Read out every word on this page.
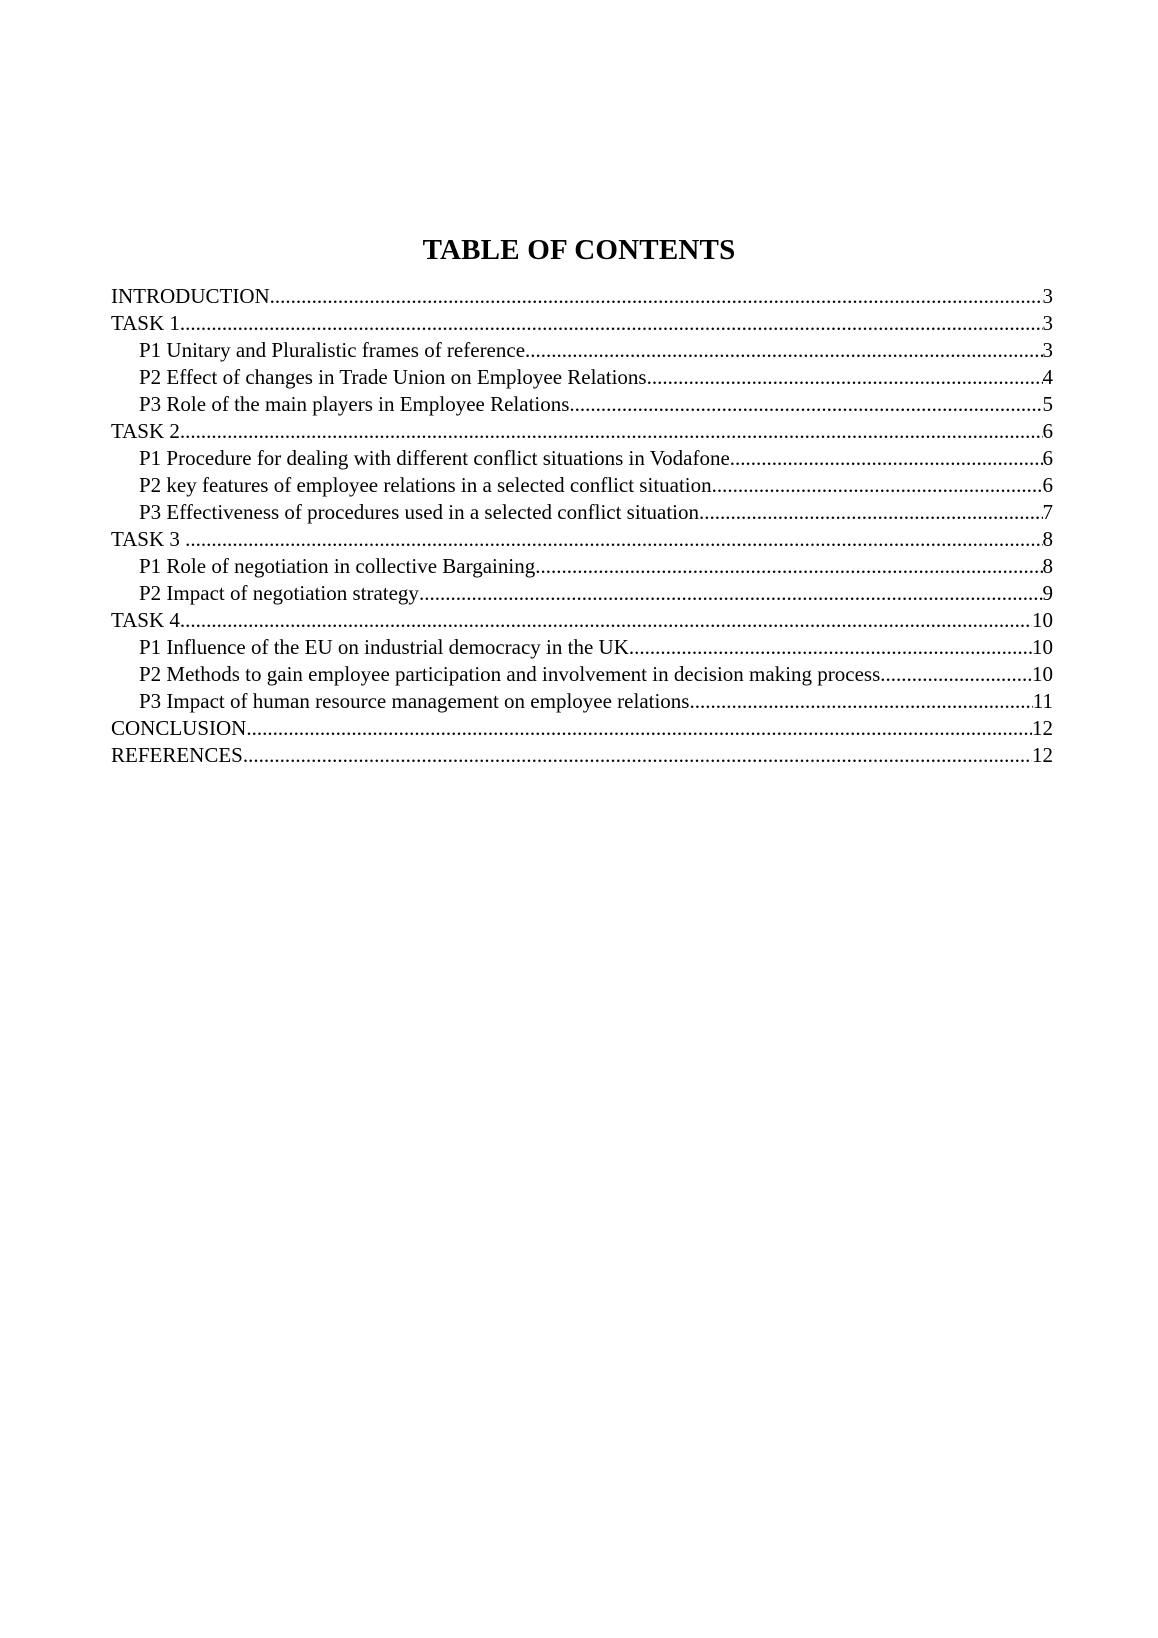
TABLE OF CONTENTS
INTRODUCTION .....	3
TASK 1 .....	3
P1 Unitary and Pluralistic frames of reference .....	3
P2 Effect of changes in Trade Union on Employee Relations .....	4
P3 Role of the main players in Employee Relations .....	5
TASK 2 .....	6
P1 Procedure for dealing with different conflict situations in Vodafone .....	6
P2 key features of employee relations in a selected conflict situation .....	6
P3 Effectiveness of procedures used in a selected conflict situation .....	7
TASK 3 .....	8
P1 Role of negotiation in collective Bargaining .....	8
P2 Impact of negotiation strategy .....	9
TASK 4 .....	10
P1 Influence of the EU on industrial democracy in the UK .....	10
P2 Methods to gain employee participation and involvement in decision making process .....	10
P3 Impact of human resource management on employee relations .....	11
CONCLUSION .....	12
REFERENCES .....	12
